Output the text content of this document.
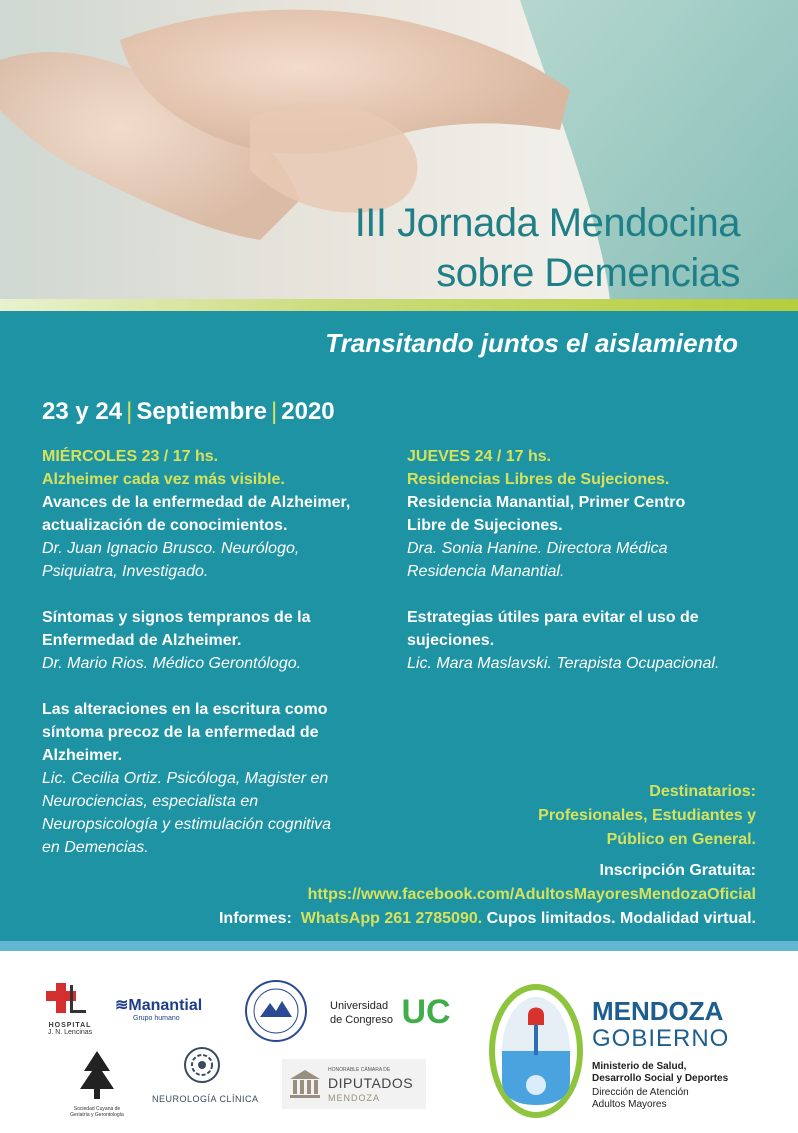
III Jornada Mendocina
sobre Demencias
Transitando juntos el aislamiento
23 y 24 | Septiembre | 2020
MIÉRCOLES 23 / 17 hs.
Alzheimer cada vez más visible.
Avances de la enfermedad de Alzheimer,
actualización de conocimientos.
Dr. Juan Ignacio Brusco. Neurólogo,
Psiquiatra, Investigado.
Síntomas y signos tempranos de la
Enfermedad de Alzheimer.
Dr. Mario Rios. Médico Gerontólogo.
Las alteraciones en la escritura como
síntoma precoz de la enfermedad de
Alzheimer.
Lic. Cecilia Ortiz. Psicóloga, Magister en
Neurociencias, especialista en
Neuropsicología y estimulación cognitiva
en Demencias.
JUEVES 24 / 17 hs.
Residencias Libres de Sujeciones.
Residencia Manantial, Primer Centro
Libre de Sujeciones.
Dra. Sonia Hanine. Directora Médica
Residencia Manantial.
Estrategias útiles para evitar el uso de
sujeciones.
Lic. Mara Maslavski. Terapista Ocupacional.
Destinatarios:
Profesionales, Estudiantes y
Público en General.
Inscripción Gratuita:
https://www.facebook.com/AdultosMayoresMendozaOficial
Informes: WhatsApp 261 2785090. Cupos limitados. Modalidad virtual.
HOSPITAL
J. N. Lencinas
≋Manantial
Grupo humano
Universidad
de Congreso UC
Sociedad Cuyana de
Geriatría y Gerontología
NEUROLOGÍA CLÍNICA
HONORABLE CÁMARA DE
DIPUTADOS
MENDOZA
MENDOZA
GOBIERNO
Ministerio de Salud,
Desarrollo Social y Deportes
Dirección de Atención
Adultos Mayores
